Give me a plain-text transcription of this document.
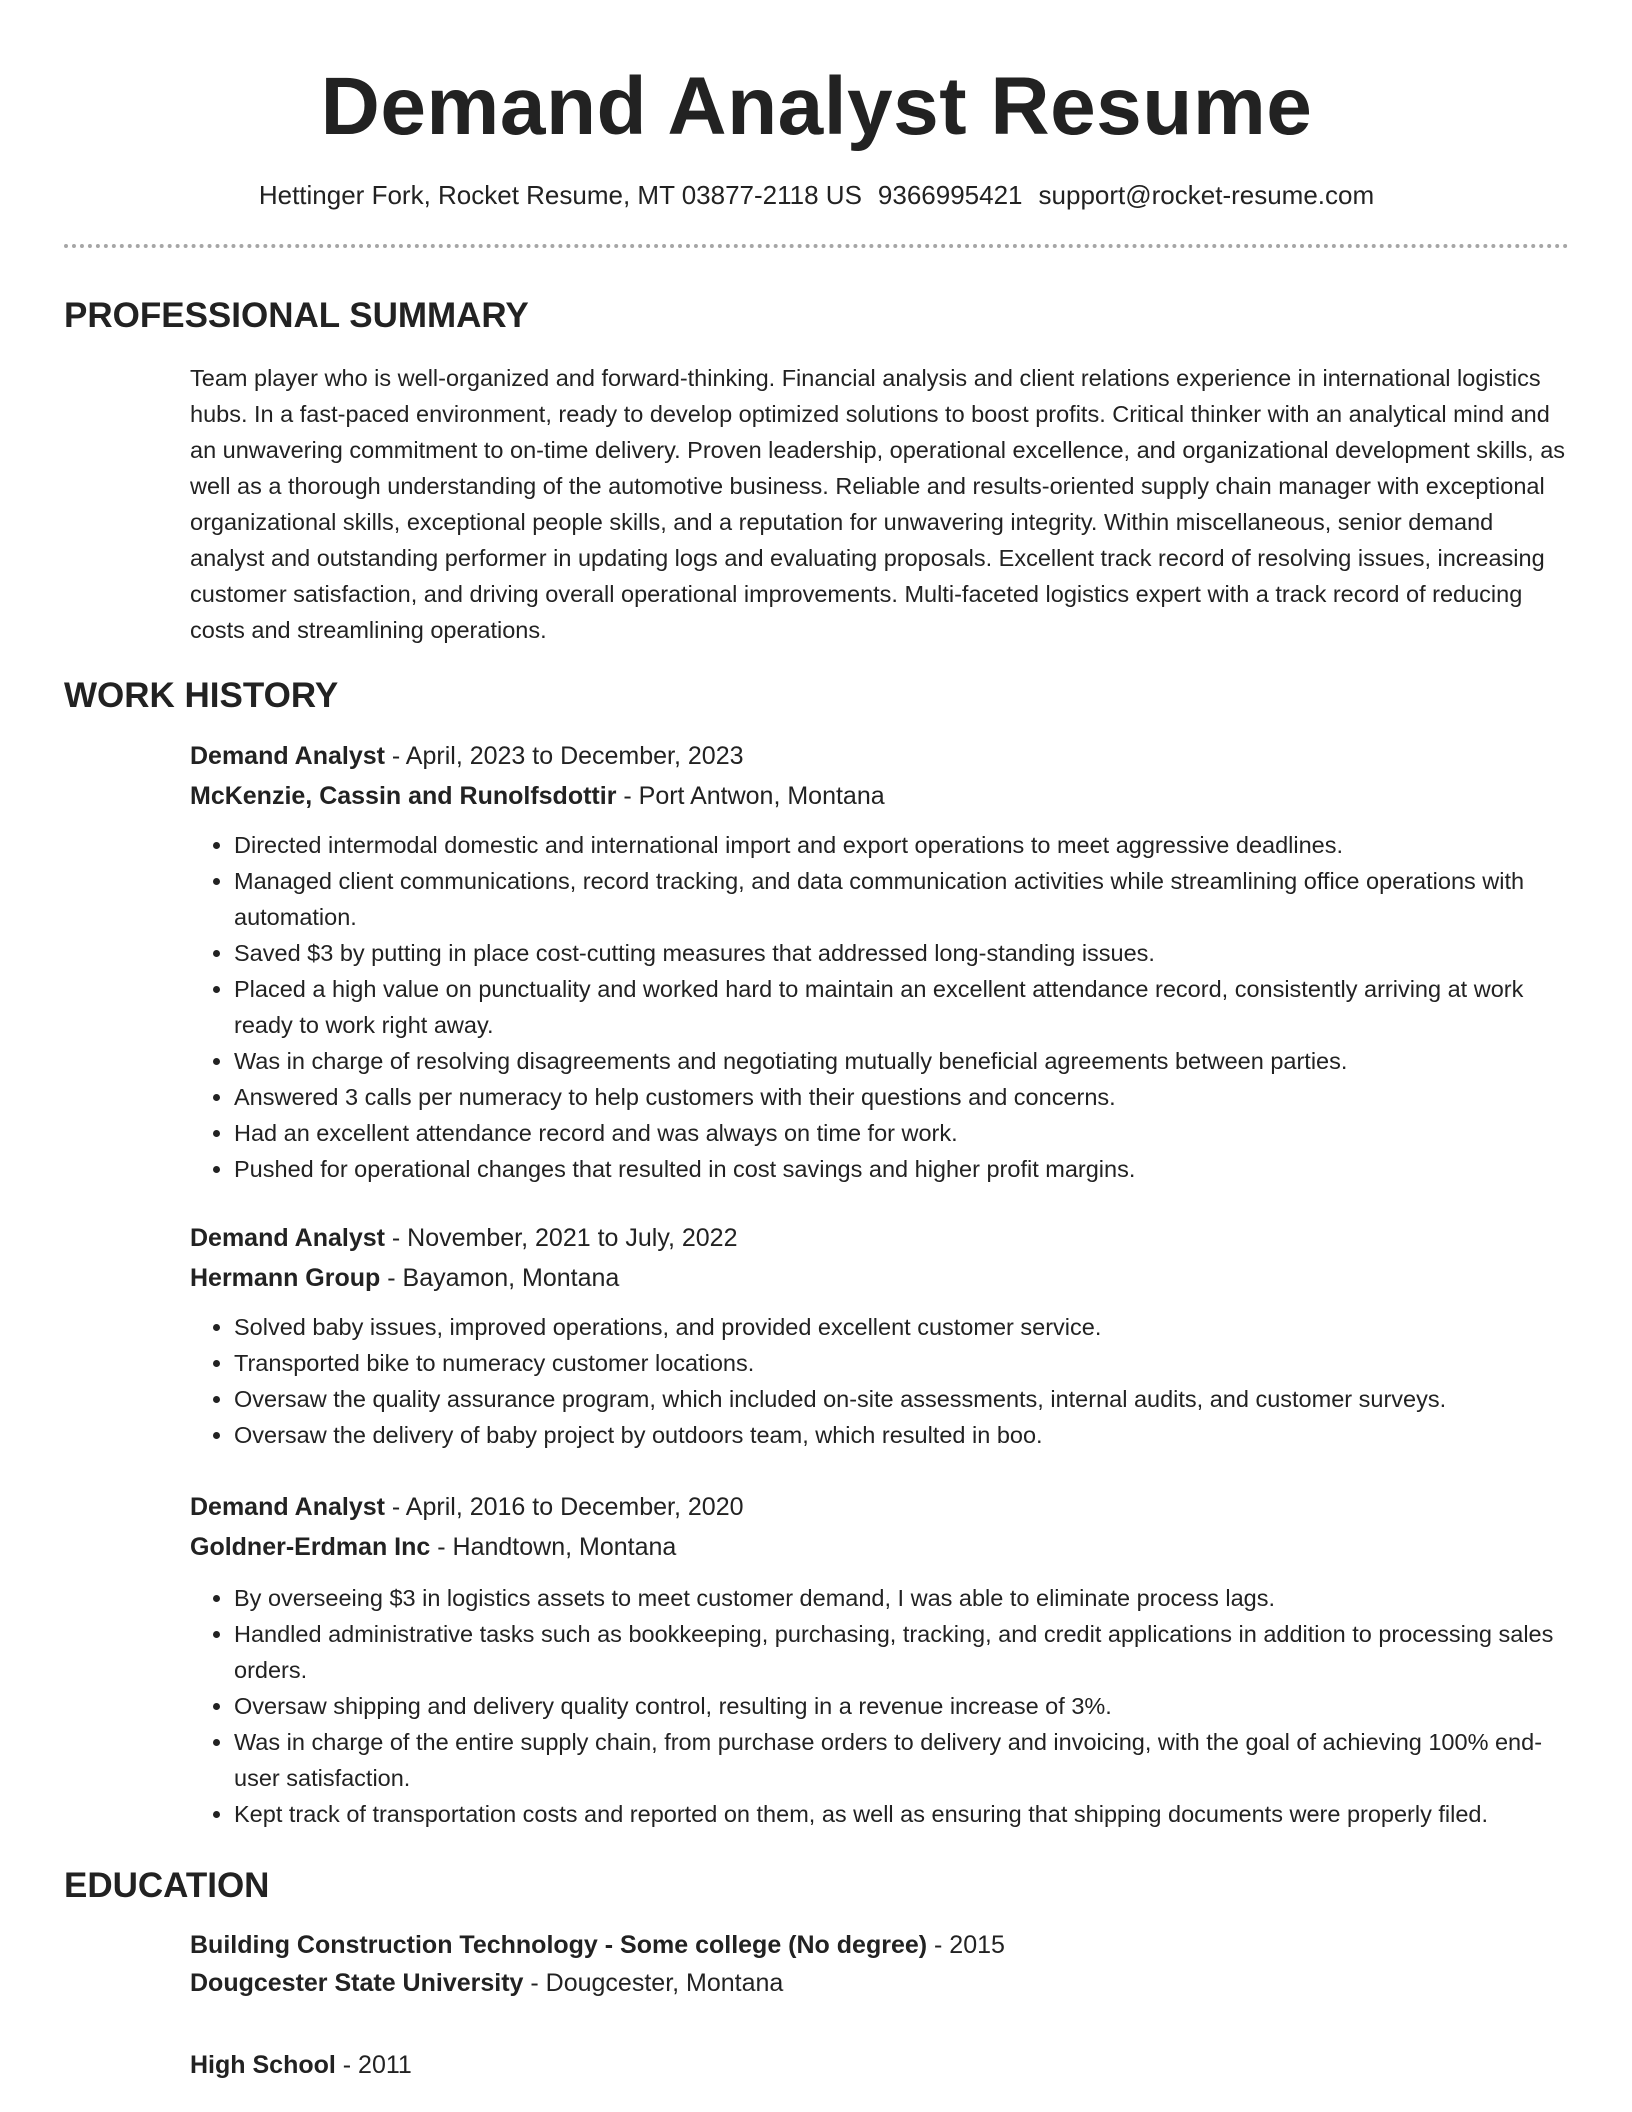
Demand Analyst Resume
Hettinger Fork, Rocket Resume, MT 03877-2118 US 9366995421 support@rocket-resume.com
PROFESSIONAL SUMMARY

Team player who is well-organized and forward-thinking. Financial analysis and client relations experience in international logistics hubs. In a fast-paced environment, ready to develop optimized solutions to boost profits. Critical thinker with an analytical mind and an unwavering commitment to on-time delivery. Proven leadership, operational excellence, and organizational development skills, as well as a thorough understanding of the automotive business. Reliable and results-oriented supply chain manager with exceptional organizational skills, exceptional people skills, and a reputation for unwavering integrity. Within miscellaneous, senior demand analyst and outstanding performer in updating logs and evaluating proposals. Excellent track record of resolving issues, increasing customer satisfaction, and driving overall operational improvements. Multi-faceted logistics expert with a track record of reducing costs and streamlining operations.

WORK HISTORY
Demand Analyst - April, 2023 to December, 2023
McKenzie, Cassin and Runolfsdottir - Port Antwon, Montana
• Directed intermodal domestic and international import and export operations to meet aggressive deadlines.
• Managed client communications, record tracking, and data communication activities while streamlining office operations with automation.
• Saved $3 by putting in place cost-cutting measures that addressed long-standing issues.
• Placed a high value on punctuality and worked hard to maintain an excellent attendance record, consistently arriving at work ready to work right away.
• Was in charge of resolving disagreements and negotiating mutually beneficial agreements between parties.
• Answered 3 calls per numeracy to help customers with their questions and concerns.
• Had an excellent attendance record and was always on time for work.
• Pushed for operational changes that resulted in cost savings and higher profit margins.
Demand Analyst - November, 2021 to July, 2022
Hermann Group - Bayamon, Montana
• Solved baby issues, improved operations, and provided excellent customer service.
• Transported bike to numeracy customer locations.
• Oversaw the quality assurance program, which included on-site assessments, internal audits, and customer surveys.
• Oversaw the delivery of baby project by outdoors team, which resulted in boo.
Demand Analyst - April, 2016 to December, 2020
Goldner-Erdman Inc - Handtown, Montana
• By overseeing $3 in logistics assets to meet customer demand, I was able to eliminate process lags.
• Handled administrative tasks such as bookkeeping, purchasing, tracking, and credit applications in addition to processing sales orders.
• Oversaw shipping and delivery quality control, resulting in a revenue increase of 3%.
• Was in charge of the entire supply chain, from purchase orders to delivery and invoicing, with the goal of achieving 100% end-user satisfaction.
• Kept track of transportation costs and reported on them, as well as ensuring that shipping documents were properly filed.
EDUCATION
Building Construction Technology - Some college (No degree) - 2015
Dougcester State University - Dougcester, Montana
High School - 2011
